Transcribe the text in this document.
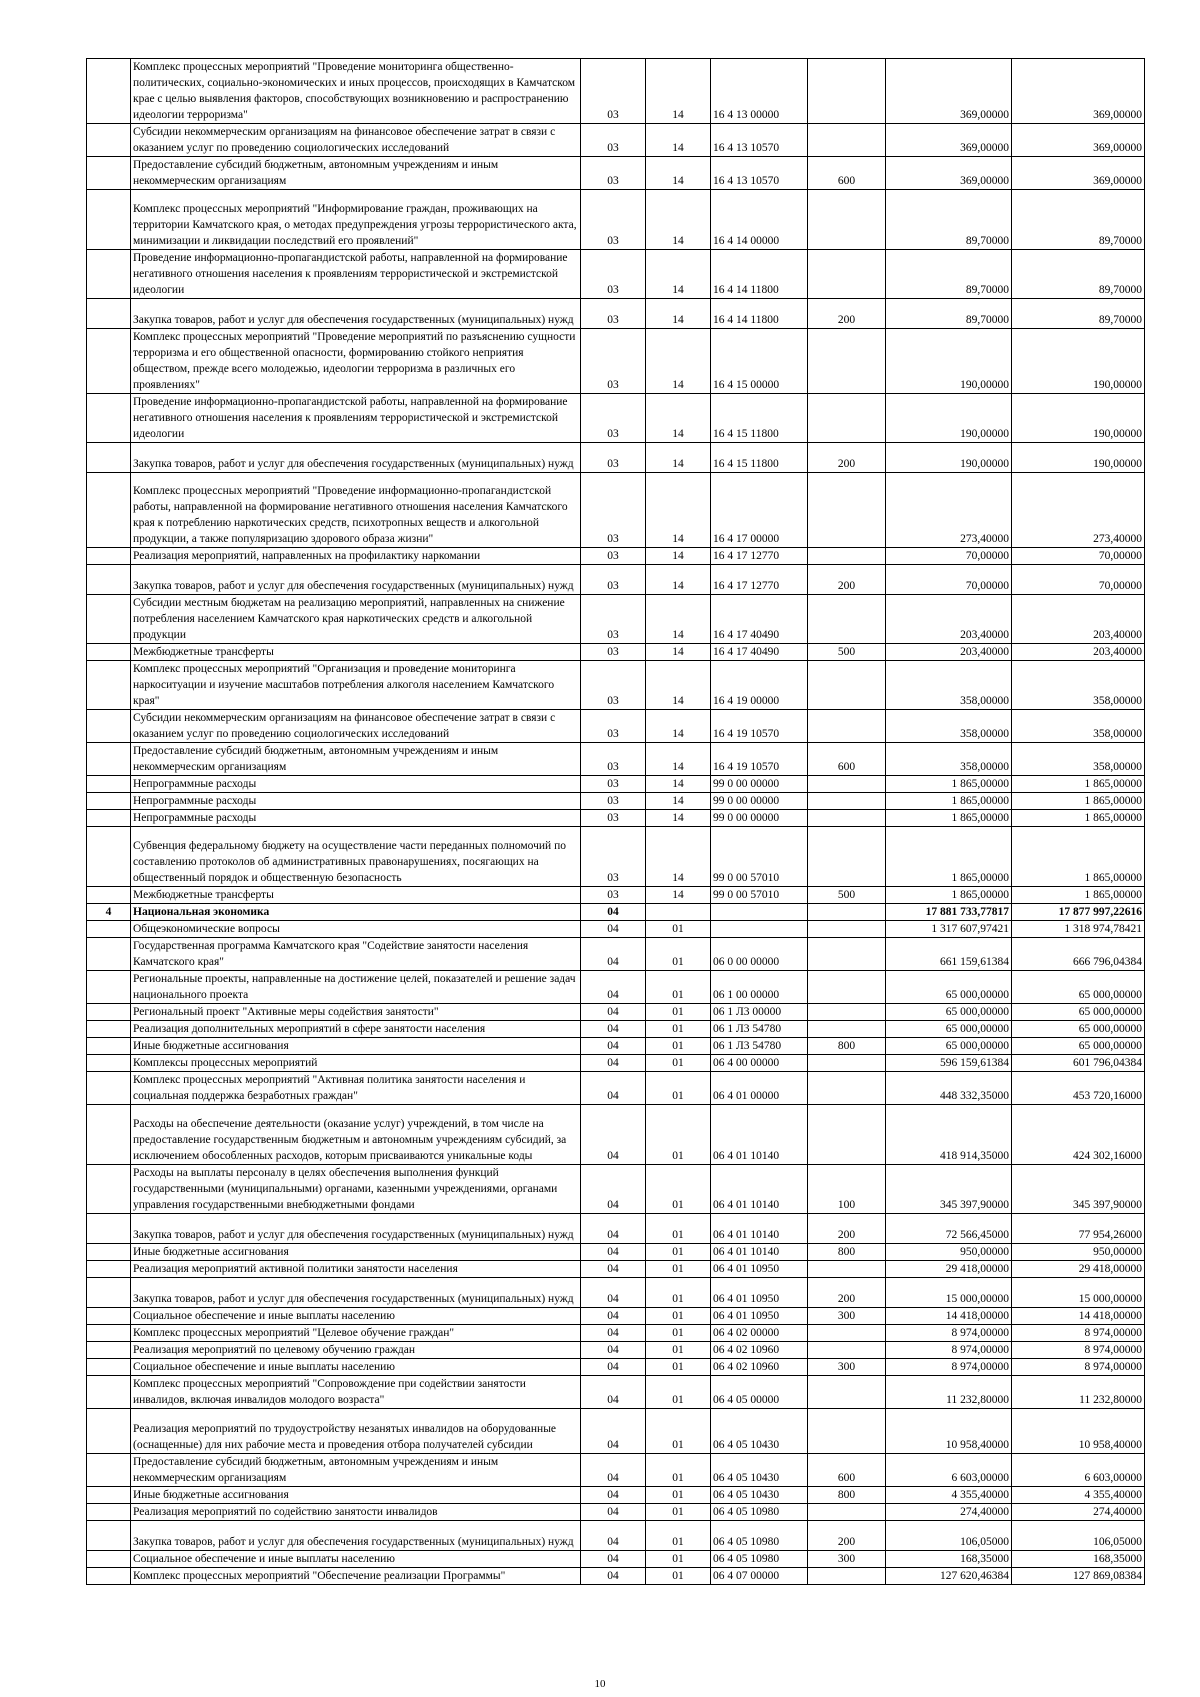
	Комплекс процессных мероприятий "Проведение мониторинга общественно-политических, социально-экономических и иных процессов, происходящих в Камчатском крае с целью выявления факторов, способствующих возникновению и распространению идеологии терроризма"	03	14	16 4 13 00000		369,00000	369,00000
	Субсидии некоммерческим организациям на финансовое обеспечение затрат в связи с оказанием услуг по проведению социологических исследований	03	14	16 4 13 10570		369,00000	369,00000
	Предоставление субсидий бюджетным, автономным учреждениям и иным некоммерческим организациям	03	14	16 4 13 10570	600	369,00000	369,00000
	Комплекс процессных мероприятий "Информирование граждан, проживающих на территории Камчатского края, о методах предупреждения угрозы террористического акта, минимизации и ликвидации последствий его проявлений"	03	14	16 4 14 00000		89,70000	89,70000
	Проведение информационно-пропагандистской работы, направленной на формирование негативного отношения населения к проявлениям террористической и экстремистской идеологии	03	14	16 4 14 11800		89,70000	89,70000
	Закупка товаров, работ и услуг для обеспечения государственных (муниципальных) нужд	03	14	16 4 14 11800	200	89,70000	89,70000
	Комплекс процессных мероприятий "Проведение мероприятий по разъяснению сущности терроризма и его общественной опасности, формированию стойкого неприятия обществом, прежде всего молодежью, идеологии терроризма в различных его проявлениях"	03	14	16 4 15 00000		190,00000	190,00000
	Проведение информационно-пропагандистской работы, направленной на формирование негативного отношения населения к проявлениям террористической и экстремистской идеологии	03	14	16 4 15 11800		190,00000	190,00000
	Закупка товаров, работ и услуг для обеспечения государственных (муниципальных) нужд	03	14	16 4 15 11800	200	190,00000	190,00000
	Комплекс процессных мероприятий "Проведение информационно-пропагандистской работы, направленной на формирование негативного отношения населения Камчатского края к потреблению наркотических средств, психотропных веществ и алкогольной продукции, а также популяризацию здорового образа жизни"	03	14	16 4 17 00000		273,40000	273,40000
	Реализация мероприятий, направленных на профилактику наркомании	03	14	16 4 17 12770		70,00000	70,00000
	Закупка товаров, работ и услуг для обеспечения государственных (муниципальных) нужд	03	14	16 4 17 12770	200	70,00000	70,00000
	Субсидии местным бюджетам на реализацию мероприятий, направленных на снижение потребления населением Камчатского края наркотических средств и алкогольной продукции	03	14	16 4 17 40490		203,40000	203,40000
	Межбюджетные трансферты	03	14	16 4 17 40490	500	203,40000	203,40000
	Комплекс процессных мероприятий "Организация и проведение мониторинга наркоситуации и изучение масштабов потребления алкоголя населением Камчатского края"	03	14	16 4 19 00000		358,00000	358,00000
	Субсидии некоммерческим организациям на финансовое обеспечение затрат в связи с оказанием услуг по проведению социологических исследований	03	14	16 4 19 10570		358,00000	358,00000
	Предоставление субсидий бюджетным, автономным учреждениям и иным некоммерческим организациям	03	14	16 4 19 10570	600	358,00000	358,00000
	Непрограммные расходы	03	14	99 0 00 00000		1 865,00000	1 865,00000
	Непрограммные расходы	03	14	99 0 00 00000		1 865,00000	1 865,00000
	Непрограммные расходы	03	14	99 0 00 00000		1 865,00000	1 865,00000
	Субвенция федеральному бюджету на осуществление части переданных полномочий по составлению протоколов об административных правонарушениях, посягающих на общественный порядок и общественную безопасность	03	14	99 0 00 57010		1 865,00000	1 865,00000
	Межбюджетные трансферты	03	14	99 0 00 57010	500	1 865,00000	1 865,00000
4	Национальная экономика	04				17 881 733,77817	17 877 997,22616
	Общеэкономические вопросы	04	01			1 317 607,97421	1 318 974,78421
	Государственная программа Камчатского края "Содействие занятости населения Камчатского края"	04	01	06 0 00 00000		661 159,61384	666 796,04384
	Региональные проекты, направленные на достижение целей, показателей и решение задач национального проекта	04	01	06 1 00 00000		65 000,00000	65 000,00000
	Региональный проект "Активные меры содействия занятости"	04	01	06 1 Л3 00000		65 000,00000	65 000,00000
	Реализация дополнительных мероприятий в сфере занятости населения	04	01	06 1 Л3 54780		65 000,00000	65 000,00000
	Иные бюджетные ассигнования	04	01	06 1 Л3 54780	800	65 000,00000	65 000,00000
	Комплексы процессных мероприятий	04	01	06 4 00 00000		596 159,61384	601 796,04384
	Комплекс процессных мероприятий "Активная политика занятости населения и социальная поддержка безработных граждан"	04	01	06 4 01 00000		448 332,35000	453 720,16000
	Расходы на обеспечение деятельности (оказание услуг) учреждений, в том числе на предоставление государственным бюджетным и автономным учреждениям субсидий, за исключением обособленных расходов, которым присваиваются уникальные коды	04	01	06 4 01 10140		418 914,35000	424 302,16000
	Расходы на выплаты персоналу в целях обеспечения выполнения функций государственными (муниципальными) органами, казенными учреждениями, органами управления государственными внебюджетными фондами	04	01	06 4 01 10140	100	345 397,90000	345 397,90000
	Закупка товаров, работ и услуг для обеспечения государственных (муниципальных) нужд	04	01	06 4 01 10140	200	72 566,45000	77 954,26000
	Иные бюджетные ассигнования	04	01	06 4 01 10140	800	950,00000	950,00000
	Реализация мероприятий активной политики занятости населения	04	01	06 4 01 10950		29 418,00000	29 418,00000
	Закупка товаров, работ и услуг для обеспечения государственных (муниципальных) нужд	04	01	06 4 01 10950	200	15 000,00000	15 000,00000
	Социальное обеспечение и иные выплаты населению	04	01	06 4 01 10950	300	14 418,00000	14 418,00000
	Комплекс процессных мероприятий "Целевое обучение граждан"	04	01	06 4 02 00000		8 974,00000	8 974,00000
	Реализация мероприятий по целевому обучению граждан	04	01	06 4 02 10960		8 974,00000	8 974,00000
	Социальное обеспечение и иные выплаты населению	04	01	06 4 02 10960	300	8 974,00000	8 974,00000
	Комплекс процессных мероприятий "Сопровождение при содействии занятости инвалидов, включая инвалидов молодого возраста"	04	01	06 4 05 00000		11 232,80000	11 232,80000
	Реализация мероприятий по трудоустройству незанятых инвалидов на оборудованные (оснащенные) для них рабочие места и проведения отбора получателей субсидии	04	01	06 4 05 10430		10 958,40000	10 958,40000
	Предоставление субсидий бюджетным, автономным учреждениям и иным некоммерческим организациям	04	01	06 4 05 10430	600	6 603,00000	6 603,00000
	Иные бюджетные ассигнования	04	01	06 4 05 10430	800	4 355,40000	4 355,40000
	Реализация мероприятий по содействию занятости инвалидов	04	01	06 4 05 10980		274,40000	274,40000
	Закупка товаров, работ и услуг для обеспечения государственных (муниципальных) нужд	04	01	06 4 05 10980	200	106,05000	106,05000
	Социальное обеспечение и иные выплаты населению	04	01	06 4 05 10980	300	168,35000	168,35000
	Комплекс процессных мероприятий "Обеспечение реализации Программы"	04	01	06 4 07 00000		127 620,46384	127 869,08384
10
